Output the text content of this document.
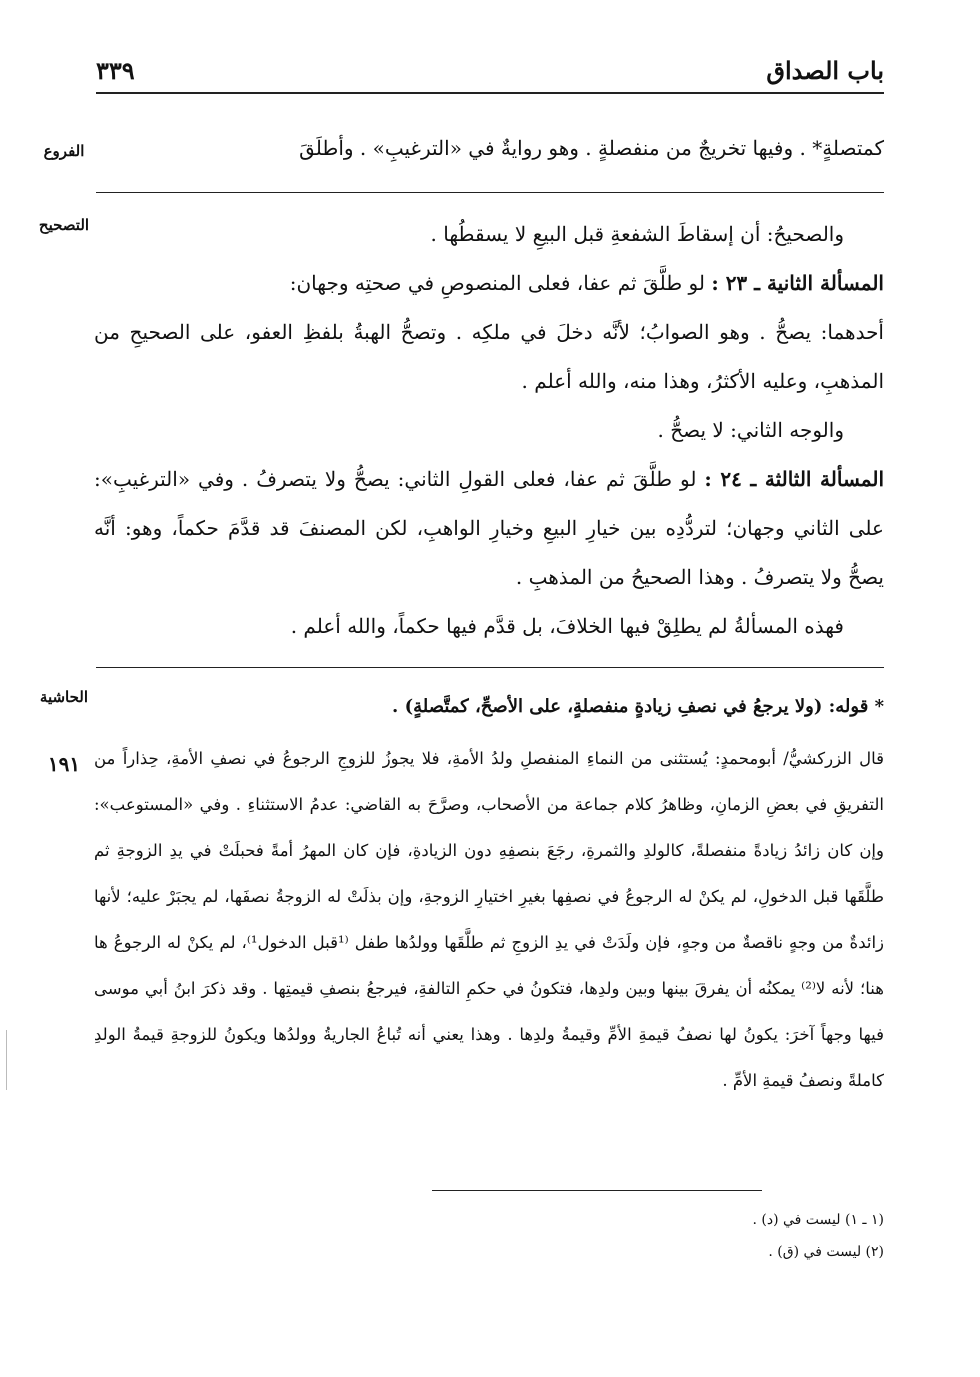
باب الصداق
٣٣٩
الفروع	كمتصلةٍ* . وفيها تخريجٌ من منفصلةٍ . وهو روايةٌ في «الترغيبِ» . وأطلَقَ

التصحيح	والصحيحُ: أن إسقاطَ الشفعةِ قبل البيعِ لا يسقطُها .

المسألة الثانية ـ ٢٣ : لو طلَّقَ ثم عفا، فعلى المنصوصِ في صحتِه وجهان:

أحدهما: يصحُّ . وهو الصوابُ؛ لأنَّه دخلَ في ملكِه . وتصحُّ الهبةُ بلفظِ العفو، على الصحيحِ من المذهبِ، وعليه الأكثرُ، وهذا منه، والله أعلم .

والوجه الثاني: لا يصحُّ .

المسألة الثالثة ـ ٢٤ : لو طلَّقَ ثم عفا، فعلى القولِ الثاني: يصحُّ ولا يتصرفُ . وفي «الترغيبِ»: على الثاني وجهان؛ لتردُّدِه بين خيارِ البيعِ وخيارِ الواهبِ، لكن المصنفَ قد قدَّمَ حكماً، وهو: أنَّه يصحُّ ولا يتصرفُ . وهذا الصحيحُ من المذهبِ .

فهذه المسألةُ لم يطلِقْ فيها الخلافَ، بل قدَّم فيها حكماً، والله أعلم .

الحاشية
١٩١

* قوله: (ولا يرجعُ في نصفِ زيادةٍ منفصلةٍ، على الأصحِّ، كمتَّصلةٍ) .

قال الزركشيُّ/ أبومحمدٍ: يُستثنى من النماءِ المنفصلِ ولدُ الأمةِ، فلا يجوزُ للزوجِ الرجوعُ في نصفِ الأمةِ، حِذاراً من التفريقِ في بعضِ الزمانِ، وظاهرُ كلام جماعة من الأصحاب، وصرَّحَ به القاضي: عدمُ الاستثناءِ . وفي «المستوعب»: وإن كان زائدُ زيادةً منفصلةً، كالولدِ والثمرةِ، رجَعَ بنصفِهِ دون الزيادةِ، فإن كان المهرُ أمةً فحبلَتْ في يدِ الزوجةِ ثم طلَّقَها قبل الدخولِ، لم يكنْ له الرجوعُ في نصفِها بغيرِ اختيارِ الزوجةِ، وإن بذلَتْ له الزوجةُ نصفَها، لم يجبَرْ عليه؛ لأنها زائدةٌ من وجهٍ ناقصةٌ من وجهٍ، فإن ولَدَتْ في يدِ الزوجِ ثم طلَّقَها وولدُها طفل ⁽¹قبل الدخول¹⁾، لم يكنْ له الرجوعُ ها هنا؛ لأنه لا⁽²⁾ يمكنُه أن يفرقَ بينها وبين ولدِها، فتكونُ في حكمِ التالفةِ، فيرجعُ بنصفِ قيمتِها . وقد ذكرَ ابنُ أبي موسى فيها وجهاً آخرَ: يكونُ لها نصفُ قيمةِ الأمِّ وقيمةُ ولدِها . وهذا يعني أنه تُباعُ الجاريةُ وولدُها ويكونُ للزوجةِ قيمةُ الولدِ كاملةً ونصفُ قيمةِ الأمِّ .

(١ ـ ١) ليست في (د) .

(٢) ليست في (ق) .
